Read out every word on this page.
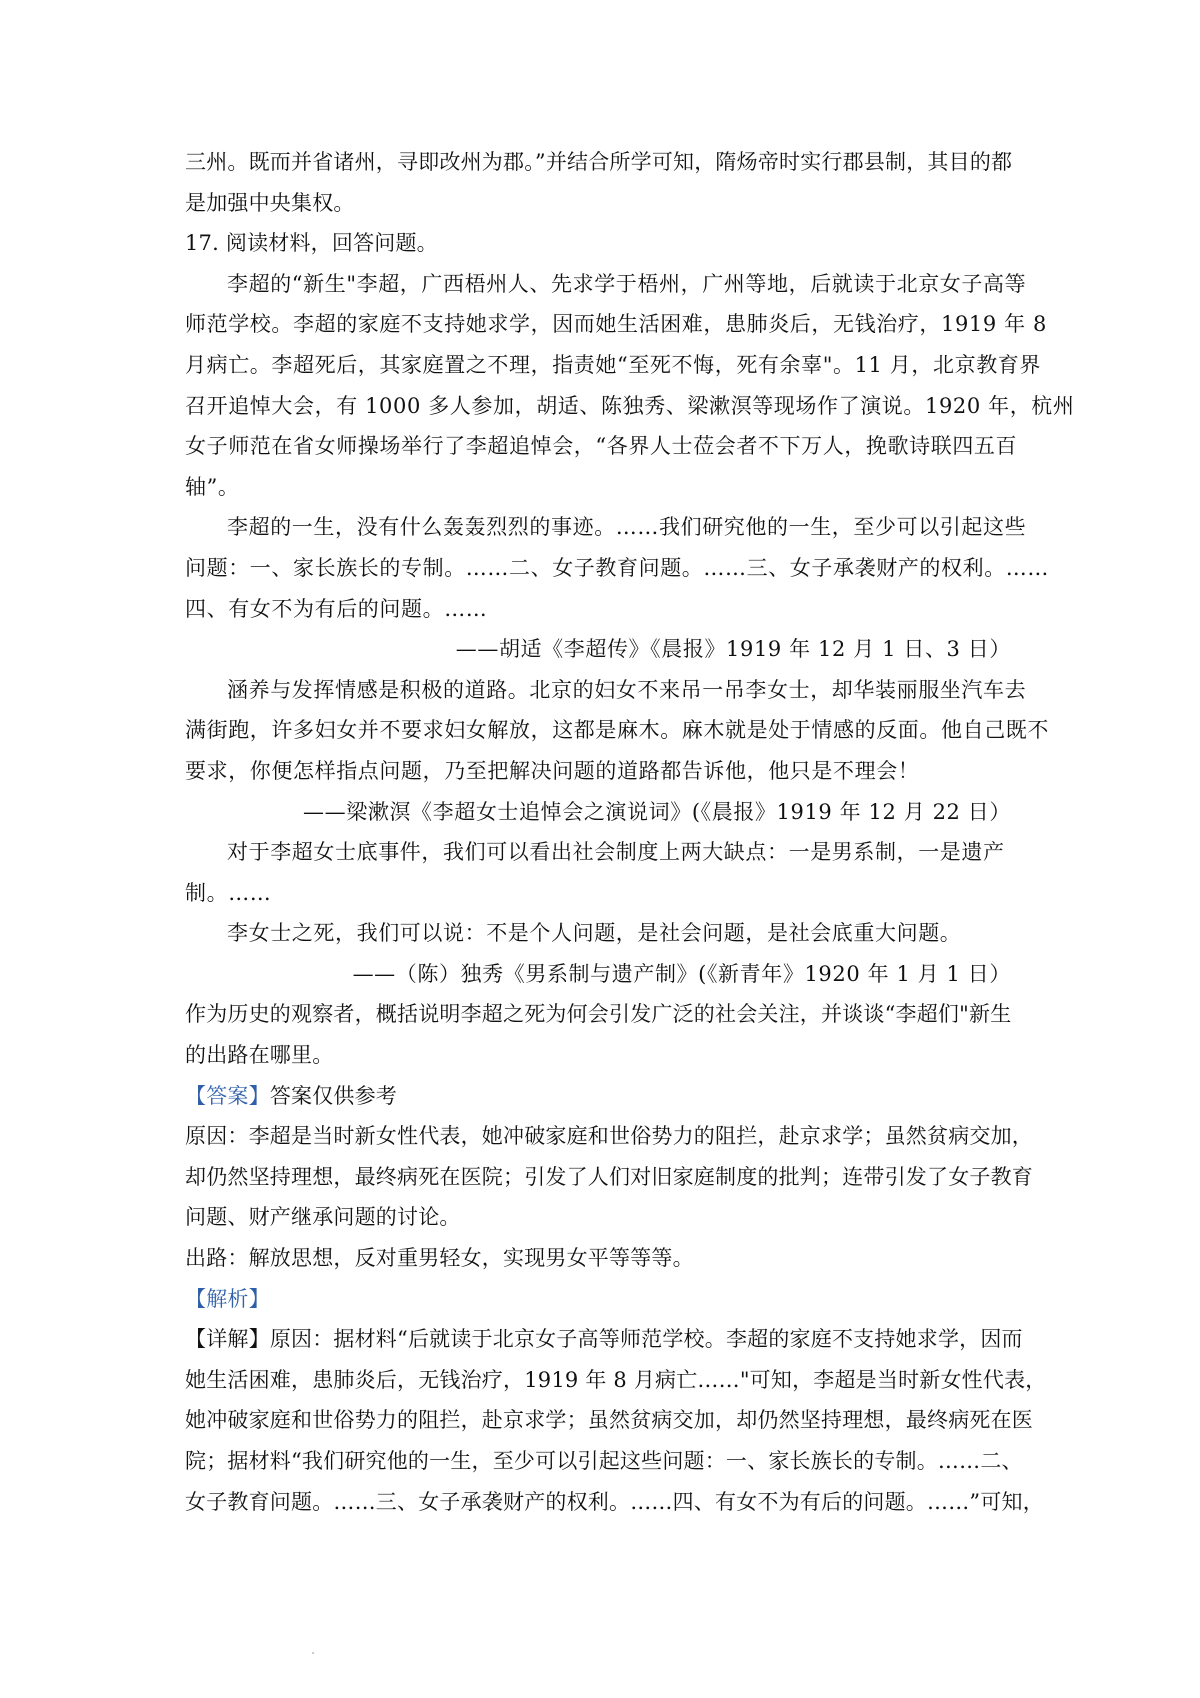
三州。既而并省诸州，寻即改州为郡。”并结合所学可知，隋炀帝时实行郡县制，其目的都
是加强中央集权。
17. 阅读材料，回答问题。
李超的“新生"李超，广西梧州人、先求学于梧州，广州等地，后就读于北京女子高等
师范学校。李超的家庭不支持她求学，因而她生活困难，患肺炎后，无钱治疗，1919 年 8
月病亡。李超死后，其家庭置之不理，指责她“至死不悔，死有余辜"。11 月，北京教育界
召开追悼大会，有 1000 多人参加，胡适、陈独秀、梁漱溟等现场作了演说。1920 年，杭州
女子师范在省女师操场举行了李超追悼会，“各界人士莅会者不下万人，挽歌诗联四五百
轴”。
李超的一生，没有什么轰轰烈烈的事迹。……我们研究他的一生，至少可以引起这些
问题：一、家长族长的专制。……二、女子教育问题。……三、女子承袭财产的权利。……
四、有女不为有后的问题。……
——胡适《李超传》《晨报》1919 年 12 月 1 日、3 日）
涵养与发挥情感是积极的道路。北京的妇女不来吊一吊李女士，却华装丽服坐汽车去
满街跑，许多妇女并不要求妇女解放，这都是麻木。麻木就是处于情感的反面。他自己既不
要求，你便怎样指点问题，乃至把解决问题的道路都告诉他，他只是不理会！
——梁漱溟《李超女士追悼会之演说词》(《晨报》1919 年 12 月 22 日）
对于李超女士底事件，我们可以看出社会制度上两大缺点：一是男系制，一是遗产
制。……
李女士之死，我们可以说：不是个人问题，是社会问题，是社会底重大问题。
——（陈）独秀《男系制与遗产制》(《新青年》1920 年 1 月 1 日）
作为历史的观察者，概括说明李超之死为何会引发广泛的社会关注，并谈谈“李超们"新生
的出路在哪里。
【答案】答案仅供参考
原因：李超是当时新女性代表，她冲破家庭和世俗势力的阻拦，赴京求学；虽然贫病交加，
却仍然坚持理想，最终病死在医院；引发了人们对旧家庭制度的批判；连带引发了女子教育
问题、财产继承问题的讨论。
出路：解放思想，反对重男轻女，实现男女平等等等。
【解析】
【详解】原因：据材料“后就读于北京女子高等师范学校。李超的家庭不支持她求学，因而
她生活困难，患肺炎后，无钱治疗，1919 年 8 月病亡……"可知，李超是当时新女性代表，
她冲破家庭和世俗势力的阻拦，赴京求学；虽然贫病交加，却仍然坚持理想，最终病死在医
院；据材料“我们研究他的一生，至少可以引起这些问题：一、家长族长的专制。……二、
女子教育问题。……三、女子承袭财产的权利。……四、有女不为有后的问题。……”可知，
